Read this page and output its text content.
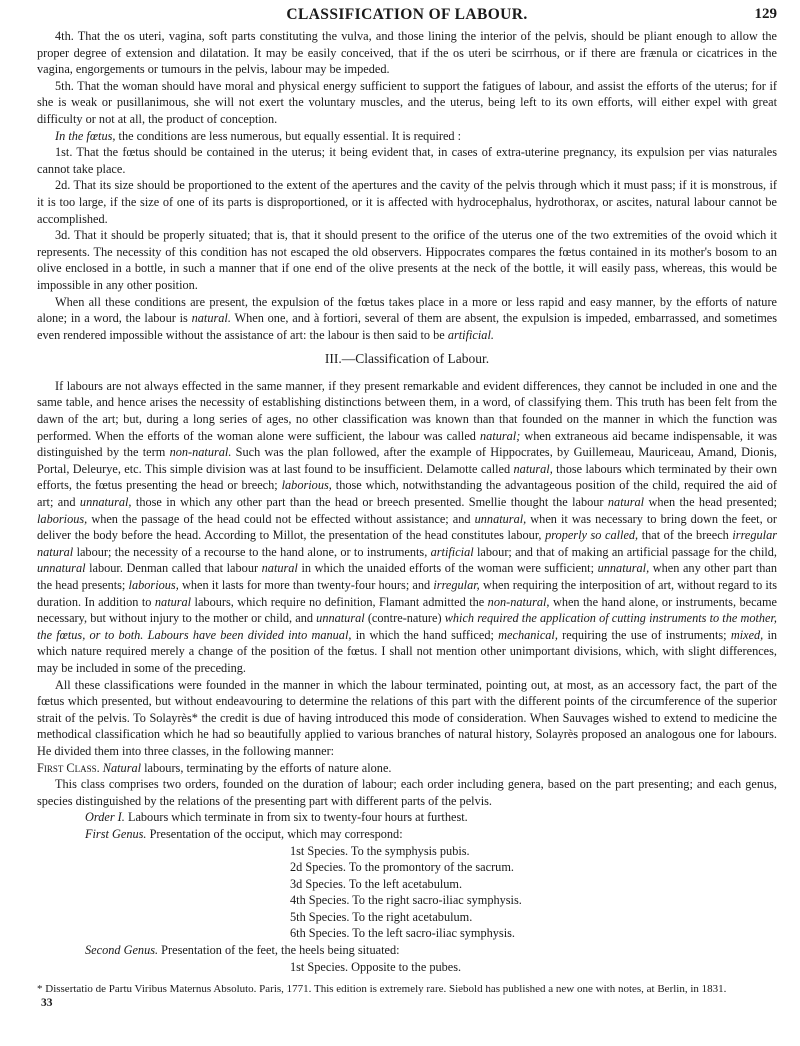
CLASSIFICATION OF LABOUR.	129

4th. That the os uteri, vagina, soft parts constituting the vulva, and those lining the interior of the pelvis, should be pliant enough to allow the proper degree of extension and dilatation. It may be easily conceived, that if the os uteri be scirrhous, or if there are frænula or cicatrices in the vagina, engorgements or tumours in the pelvis, labour may be impeded.

5th. That the woman should have moral and physical energy sufficient to support the fatigues of labour, and assist the efforts of the uterus; for if she is weak or pusillanimous, she will not exert the voluntary muscles, and the uterus, being left to its own efforts, will either expel with great difficulty or not at all, the product of conception.

In the fœtus, the conditions are less numerous, but equally essential. It is required :

1st. That the fœtus should be contained in the uterus; it being evident that, in cases of extra-uterine pregnancy, its expulsion per vias naturales cannot take place.

2d. That its size should be proportioned to the extent of the apertures and the cavity of the pelvis through which it must pass; if it is monstrous, if it is too large, if the size of one of its parts is disproportioned, or it is affected with hydrocephalus, hydrothorax, or ascites, natural labour cannot be accomplished.

3d. That it should be properly situated; that is, that it should present to the orifice of the uterus one of the two extremities of the ovoid which it represents. The necessity of this condition has not escaped the old observers. Hippocrates compares the fœtus contained in its mother's bosom to an olive enclosed in a bottle, in such a manner that if one end of the olive presents at the neck of the bottle, it will easily pass, whereas, this would be impossible in any other position.

When all these conditions are present, the expulsion of the fœtus takes place in a more or less rapid and easy manner, by the efforts of nature alone; in a word, the labour is natural. When one, and à fortiori, several of them are absent, the expulsion is impeded, embarrassed, and sometimes even rendered impossible without the assistance of art: the labour is then said to be artificial.

III.—Classification of Labour.

If labours are not always effected in the same manner, if they present remarkable and evident differences, they cannot be included in one and the same table, and hence arises the necessity of establishing distinctions between them, in a word, of classifying them. This truth has been felt from the dawn of the art; but, during a long series of ages, no other classification was known than that founded on the manner in which the function was performed. When the efforts of the woman alone were sufficient, the labour was called natural; when extraneous aid became indispensable, it was distinguished by the term non-natural. Such was the plan followed, after the example of Hippocrates, by Guillemeau, Mauriceau, Amand, Dionis, Portal, Deleurye, etc. This simple division was at last found to be insufficient. Delamotte called natural, those labours which terminated by their own efforts, the fœtus presenting the head or breech; laborious, those which, notwithstanding the advantageous position of the child, required the aid of art; and unnatural, those in which any other part than the head or breech presented. Smellie thought the labour natural when the head presented; laborious, when the passage of the head could not be effected without assistance; and unnatural, when it was necessary to bring down the feet, or deliver the body before the head. According to Millot, the presentation of the head constitutes labour, properly so called, that of the breech irregular natural labour; the necessity of a recourse to the hand alone, or to instruments, artificial labour; and that of making an artificial passage for the child, unnatural labour. Denman called that labour natural in which the unaided efforts of the woman were sufficient; unnatural, when any other part than the head presents; laborious, when it lasts for more than twenty-four hours; and irregular, when requiring the interposition of art, without regard to its duration. In addition to natural labours, which require no definition, Flamant admitted the non-natural, when the hand alone, or instruments, became necessary, but without injury to the mother or child, and unnatural (contre-nature) which required the application of cutting instruments to the mother, the fœtus, or to both. Labours have been divided into manual, in which the hand sufficed; mechanical, requiring the use of instruments; mixed, in which nature required merely a change of the position of the fœtus. I shall not mention other unimportant divisions, which, with slight differences, may be included in some of the preceding.

All these classifications were founded in the manner in which the labour terminated, pointing out, at most, as an accessory fact, the part of the fœtus which presented, but without endeavouring to determine the relations of this part with the different points of the circumference of the superior strait of the pelvis. To Solayrès* the credit is due of having introduced this mode of consideration. When Sauvages wished to extend to medicine the methodical classification which he had so beautifully applied to various branches of natural history, Solayrès proposed an analogous one for labours. He divided them into three classes, in the following manner:

First Class. Natural labours, terminating by the efforts of nature alone.

This class comprises two orders, founded on the duration of labour; each order including genera, based on the part presenting; and each genus, species distinguished by the relations of the presenting part with different parts of the pelvis.

Order I. Labours which terminate in from six to twenty-four hours at furthest.

First Genus. Presentation of the occiput, which may correspond:

1st Species. To the symphysis pubis.

2d Species. To the promontory of the sacrum.

3d Species. To the left acetabulum.

4th Species. To the right sacro-iliac symphysis.

5th Species. To the right acetabulum.

6th Species. To the left sacro-iliac symphysis.

Second Genus. Presentation of the feet, the heels being situated:

1st Species. Opposite to the pubes.

* Dissertatio de Partu Viribus Maternus Absoluto. Paris, 1771. This edition is extremely rare. Siebold has published a new one with notes, at Berlin, in 1831.

33
